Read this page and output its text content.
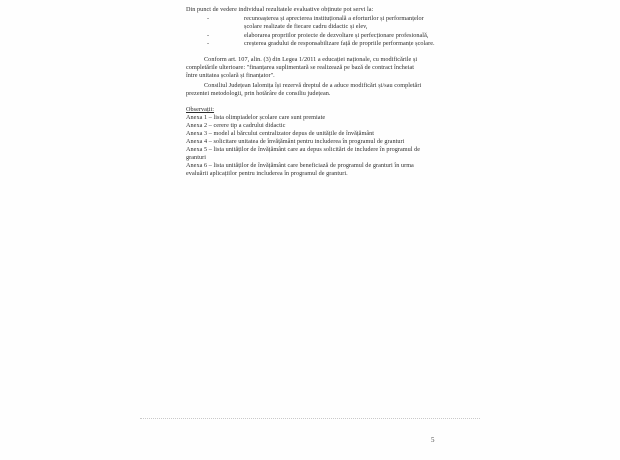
Din punct de vedere individual rezultatele evaluative obținute pot servi la:
-	recunoașterea și aprecierea instituțională a eforturilor și performanțelor
școlare realizate de fiecare cadru didactic și elev,
-	elaborarea propriilor proiecte de dezvoltare și perfecționare profesională,
-	creșterea gradului de responsabilizare față de propriile performanțe școlare.
Conform art. 107, alin. (3) din Legea 1/2011 a educației naționale, cu modificările și
completările ulterioare: "finanțarea suplimentară se realizează pe bază de contract încheiat
între unitatea școlară și finanțator".
Consiliul Județean Ialomița își rezervă dreptul de a aduce modificări și/sau completări
prezentei metodologii, prin hotărâre de consiliu județean.
Observații:
Anexa 1 – lista olimpiadelor școlare care sunt premiate
Anexa 2 – cerere tip a cadrului didactic
Anexa 3 – model al bărcului centralizator depus de unitățile de învățământ
Anexa 4 – solicitare unitatea de învățământ pentru includerea în programul de granturi
Anexa 5 – lista unităților de învățământ care au depus solicitări de includere în programul de
granturi
Anexa 6 – lista unităților de învățământ care beneficiază de programul de granturi în urma
evaluării aplicațiilor pentru includerea în programul de granturi.
5
